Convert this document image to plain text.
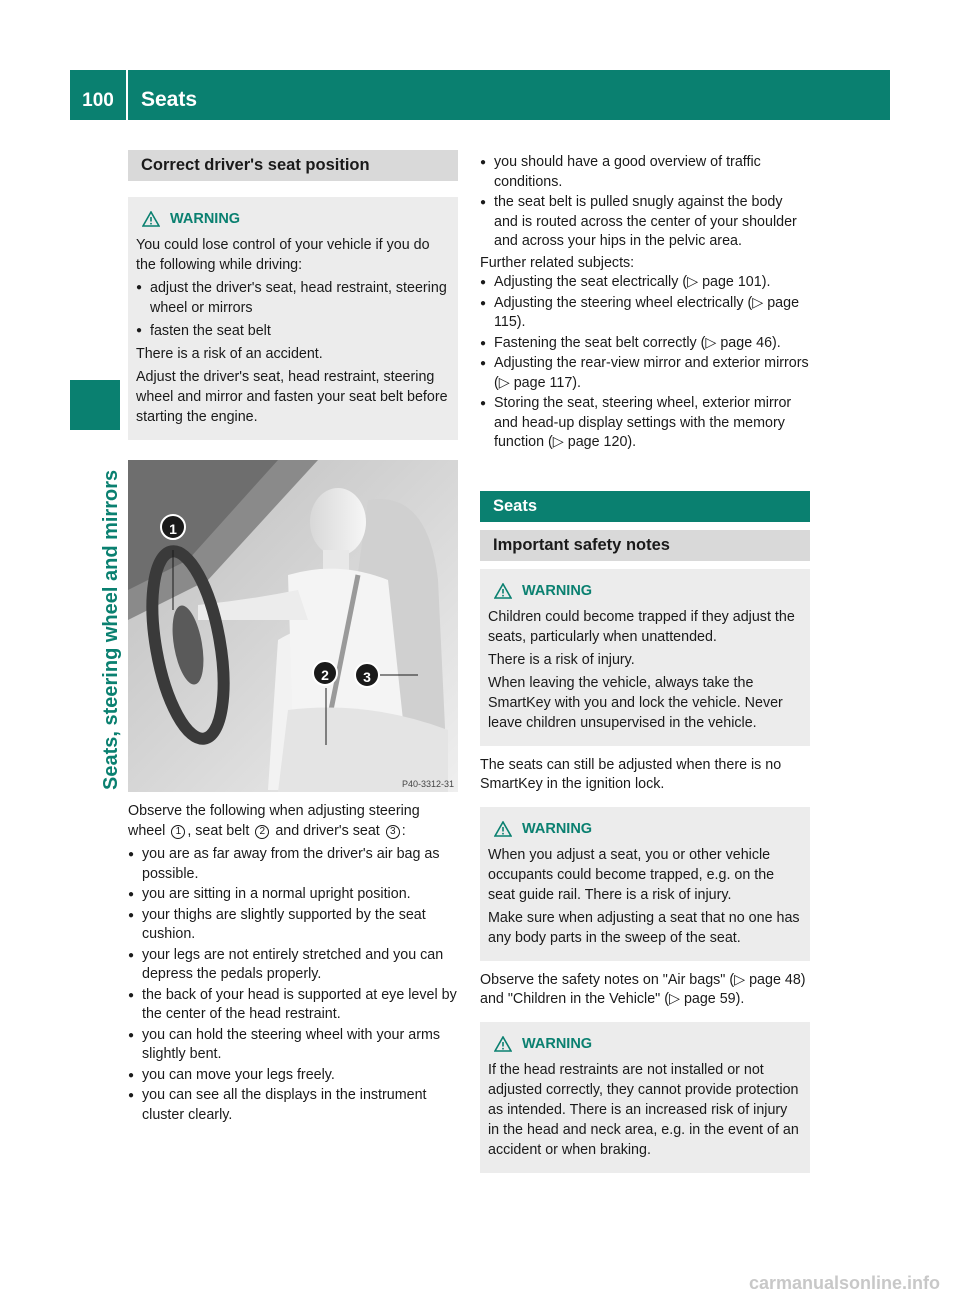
100	Seats
Seats, steering wheel and mirrors
Correct driver's seat position
WARNING

You could lose control of your vehicle if you do the following while driving:

● adjust the driver's seat, head restraint, steering wheel or mirrors
● fasten the seat belt

There is a risk of an accident.

Adjust the driver's seat, head restraint, steering wheel and mirror and fasten your seat belt before starting the engine.

1
2	3
P40-3312-31

Observe the following when adjusting steering wheel 1 , seat belt 2 and driver's seat 3 :

● you are as far away from the driver's air bag as possible.
● you are sitting in a normal upright position.
● your thighs are slightly supported by the seat cushion.
● your legs are not entirely stretched and you can depress the pedals properly.
● the back of your head is supported at eye level by the center of the head restraint.
● you can hold the steering wheel with your arms slightly bent.
● you can move your legs freely.
● you can see all the displays in the instrument cluster clearly.
● you should have a good overview of traffic conditions.
● the seat belt is pulled snugly against the body and is routed across the center of your shoulder and across your hips in the pelvic area.

Further related subjects:

● Adjusting the seat electrically (▷ page 101).
● Adjusting the steering wheel electrically (▷ page 115).
● Fastening the seat belt correctly (▷ page 46).
● Adjusting the rear-view mirror and exterior mirrors (▷ page 117).
● Storing the seat, steering wheel, exterior mirror and head-up display settings with the memory function (▷ page 120).
Seats
Important safety notes
WARNING

Children could become trapped if they adjust the seats, particularly when unattended.

There is a risk of injury.

When leaving the vehicle, always take the SmartKey with you and lock the vehicle. Never leave children unsupervised in the vehicle.

The seats can still be adjusted when there is no SmartKey in the ignition lock.

WARNING

When you adjust a seat, you or other vehicle occupants could become trapped, e.g. on the seat guide rail. There is a risk of injury.

Make sure when adjusting a seat that no one has any body parts in the sweep of the seat.

Observe the safety notes on "Air bags" (▷ page 48) and "Children in the Vehicle" (▷ page 59).

WARNING

If the head restraints are not installed or not adjusted correctly, they cannot provide protection as intended. There is an increased risk of injury in the head and neck area, e.g. in the event of an accident or when braking.

carmanualsonline.info
